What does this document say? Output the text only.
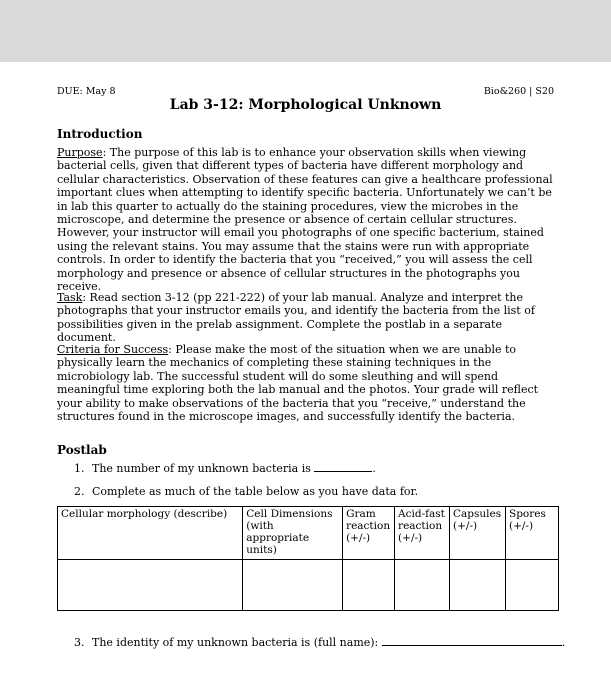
DUE: May 8	Bio&260 | S20
Lab 3-12: Morphological Unknown
Introduction

Purpose: The purpose of this lab is to enhance your observation skills when viewing bacterial cells, given that different types of bacteria have different morphology and cellular characteristics. Observation of these features can give a healthcare professional important clues when attempting to identify specific bacteria. Unfortunately we can’t be in lab this quarter to actually do the staining procedures, view the microbes in the microscope, and determine the presence or absence of certain cellular structures. However, your instructor will email you photographs of one specific bacterium, stained using the relevant stains. You may assume that the stains were run with appropriate controls. In order to identify the bacteria that you “received,” you will assess the cell morphology and presence or absence of cellular structures in the photographs you receive.

Task: Read section 3-12 (pp 221-222) of your lab manual. Analyze and interpret the photographs that your instructor emails you, and identify the bacteria from the list of possibilities given in the prelab assignment. Complete the postlab in a separate document.

Criteria for Success: Please make the most of the situation when we are unable to physically learn the mechanics of completing these staining techniques in the microbiology lab. The successful student will do some sleuthing and will spend meaningful time exploring both the lab manual and the photos. Your grade will reflect your ability to make observations of the bacteria that you “receive,” understand the structures found in the microscope images, and successfully identify the bacteria.

Postlab
1. The number of my unknown bacteria is	.
2. Complete as much of the table below as you have data for.
Cellular morphology (describe)	Cell Dimensions
(with appropriate
units)	Gram
reaction
(+/-)	Acid-fast
reaction
(+/-)	Capsules
(+/-)	Spores
(+/-)

3. The identity of my unknown bacteria is (full name):	.
